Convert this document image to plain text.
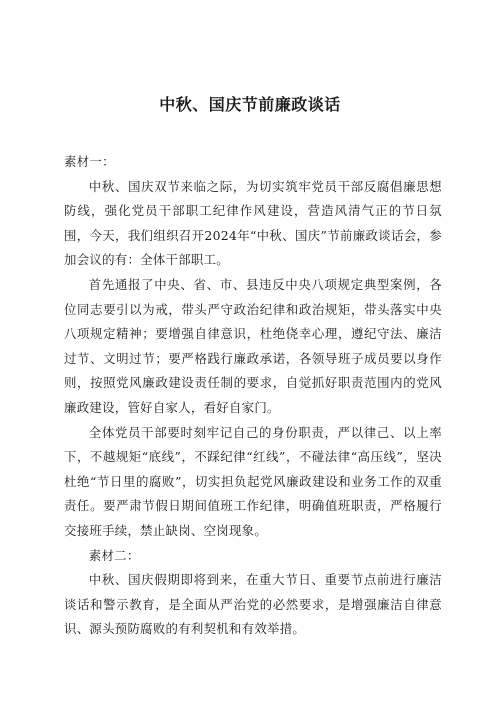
中秋、国庆节前廉政谈话

素材一：

中秋、国庆双节来临之际，为切实筑牢党员干部反腐倡廉思想防线，强化党员干部职工纪律作风建设，营造风清气正的节日氛围，今天，我们组织召开2024年“中秋、国庆”节前廉政谈话会，参加会议的有：全体干部职工。

首先通报了中央、省、市、县违反中央八项规定典型案例，各位同志要引以为戒，带头严守政治纪律和政治规矩，带头落实中央八项规定精神；要增强自律意识，杜绝侥幸心理，遵纪守法、廉洁过节、文明过节；要严格践行廉政承诺，各领导班子成员要以身作则，按照党风廉政建设责任制的要求，自觉抓好职责范围内的党风廉政建设，管好自家人，看好自家门。

全体党员干部要时刻牢记自己的身份职责，严以律己、以上率下，不越规矩“底线”，不踩纪律“红线”，不碰法律“高压线”，坚决杜绝“节日里的腐败”，切实担负起党风廉政建设和业务工作的双重责任。要严肃节假日期间值班工作纪律，明确值班职责，严格履行交接班手续，禁止缺岗、空岗现象。

素材二：

中秋、国庆假期即将到来，在重大节日、重要节点前进行廉洁谈话和警示教育，是全面从严治党的必然要求，是增强廉洁自律意识、源头预防腐败的有利契机和有效举措。
